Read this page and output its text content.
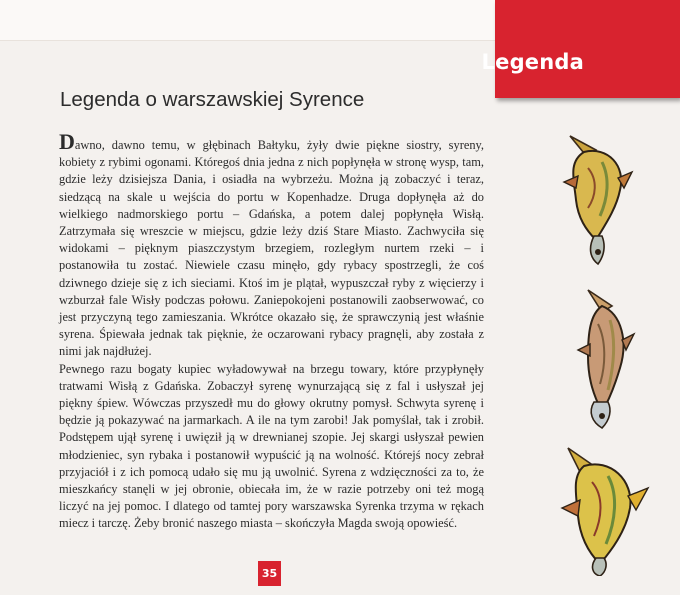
Legenda
Legenda o warszawskiej Syrence

Dawno, dawno temu, w głębinach Bałtyku, żyły dwie piękne siostry, syreny, kobiety z rybimi ogonami. Któregoś dnia jedna z nich popłynęła w stronę wysp, tam, gdzie leży dzisiejsza Dania, i osiadła na wybrzeżu. Można ją zobaczyć i teraz, siedzącą na skale u wejścia do portu w Kopenhadze. Druga dopłynęła aż do wielkiego nadmorskiego portu – Gdańska, a potem dalej popłynęła Wisłą. Zatrzymała się wreszcie w miejscu, gdzie leży dziś Stare Miasto. Zachwyciła się widokami – pięknym piaszczystym brzegiem, rozległym nurtem rzeki – i postanowiła tu zostać. Niewiele czasu minęło, gdy rybacy spostrzegli, że coś dziwnego dzieje się z ich sieciami. Ktoś im je plątał, wypuszczał ryby z więcierzy i wzburzał fale Wisły podczas połowu. Zaniepokojeni postanowili zaobserwować, co jest przyczyną tego zamieszania. Wkrótce okazało się, że sprawczynią jest właśnie syrena. Śpiewała jednak tak pięknie, że oczarowani rybacy pragnęli, aby została z nimi jak najdłużej.

Pewnego razu bogaty kupiec wyładowywał na brzegu towary, które przypłynęły tratwami Wisłą z Gdańska. Zobaczył syrenę wynurzającą się z fal i usłyszał jej piękny śpiew. Wówczas przyszedł mu do głowy okrutny pomysł. Schwyta syrenę i będzie ją pokazywać na jarmarkach. A ile na tym zarobi! Jak pomyślał, tak i zrobił. Podstępem ujął syrenę i uwięził ją w drewnianej szopie. Jej skargi usłyszał pewien młodzieniec, syn rybaka i postanowił wypuścić ją na wolność. Którejś nocy zebrał przyjaciół i z ich pomocą udało się mu ją uwolnić. Syrena z wdzięczności za to, że mieszkańcy stanęli w jej obronie, obiecała im, że w razie potrzeby oni też mogą liczyć na jej pomoc. I dlatego od tamtej pory warszawska Syrenka trzyma w rękach miecz i tarczę. Żeby bronić naszego miasta – skończyła Magda swoją opowieść.

35
